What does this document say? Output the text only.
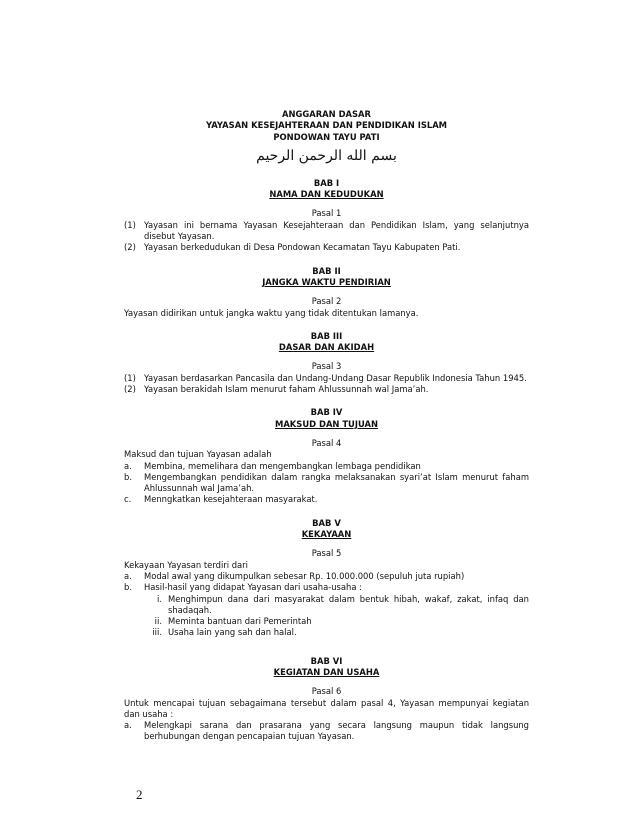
ANGGARAN DASAR
YAYASAN KESEJAHTERAAN DAN PENDIDIKAN ISLAM
PONDOWAN TAYU PATI
بسم الله الرحمن الرحيم
BAB I
NAMA DAN KEDUDUKAN
Pasal 1
(1) Yayasan ini bernama Yayasan Kesejahteraan dan Pendidikan Islam, yang selanjutnya disebut Yayasan.
(2) Yayasan berkedudukan di Desa Pondowan Kecamatan Tayu Kabupaten Pati.
BAB II
JANGKA WAKTU PENDIRIAN
Pasal 2
Yayasan didirikan untuk jangka waktu yang tidak ditentukan lamanya.
BAB III
DASAR DAN AKIDAH
Pasal 3
(1) Yayasan berdasarkan Pancasila dan Undang-Undang Dasar Republik Indonesia Tahun 1945.
(2) Yayasan berakidah Islam menurut faham Ahlussunnah wal Jama’ah.
BAB IV
MAKSUD DAN TUJUAN
Pasal 4
Maksud dan tujuan Yayasan adalah
a.	Membina, memelihara dan mengembangkan lembaga pendidikan
b.	Mengembangkan pendidikan dalam rangka melaksanakan syari’at Islam menurut faham Ahlussunnah wal Jama’ah.
c.	Menngkatkan kesejahteraan masyarakat.
BAB V
KEKAYAAN
Pasal 5
Kekayaan Yayasan terdiri dari
a.	Modal awal yang dikumpulkan sebesar Rp. 10.000.000 (sepuluh juta rupiah)
b.	Hasil-hasil yang didapat Yayasan dari usaha-usaha :
i. Menghimpun dana dari masyarakat dalam bentuk hibah, wakaf, zakat, infaq dan shadaqah.
ii. Meminta bantuan dari Pemerintah
iii. Usaha lain yang sah dan halal.
BAB VI
KEGIATAN DAN USAHA
Pasal 6
Untuk mencapai tujuan sebagaimana tersebut dalam pasal 4, Yayasan mempunyai kegiatan dan usaha :
a.	Melengkapi sarana dan prasarana yang secara langsung maupun tidak langsung berhubungan dengan pencapaian tujuan Yayasan.
2
